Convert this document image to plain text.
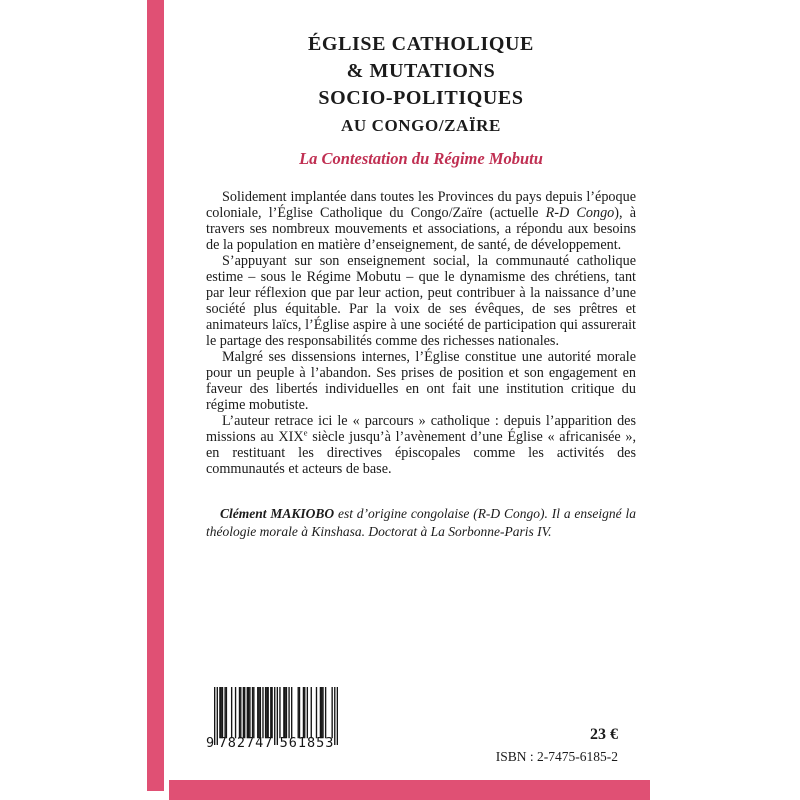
ÉGLISE CATHOLIQUE
& MUTATIONS
SOCIO-POLITIQUES
AU CONGO/ZAÏRE
La Contestation du Régime Mobutu

Solidement implantée dans toutes les Provinces du pays depuis l’époque coloniale, l’Église Catholique du Congo/Zaïre (actuelle R-D Congo), à travers ses nombreux mouvements et associations, a répondu aux besoins de la population en matière d’enseignement, de santé, de développement.

S’appuyant sur son enseignement social, la communauté catholique estime – sous le Régime Mobutu – que le dynamisme des chrétiens, tant par leur réflexion que par leur action, peut contribuer à la naissance d’une société plus équitable. Par la voix de ses évêques, de ses prêtres et animateurs laïcs, l’Église aspire à une société de participation qui assurerait le partage des responsabilités comme des richesses nationales.

Malgré ses dissensions internes, l’Église constitue une autorité morale pour un peuple à l’abandon. Ses prises de position et son engagement en faveur des libertés individuelles en ont fait une institution critique du régime mobutiste.

L’auteur retrace ici le « parcours » catholique : depuis l’apparition des missions au XIXe siècle jusqu’à l’avènement d’une Église « africanisée », en restituant les directives épiscopales comme les activités des communautés et acteurs de base.

Clément MAKIOBO est d’origine congolaise (R-D Congo). Il a enseigné la théologie morale à Kinshasa. Doctorat à La Sorbonne-Paris IV.
9 782747 561853	23 €
ISBN : 2-7475-6185-2
